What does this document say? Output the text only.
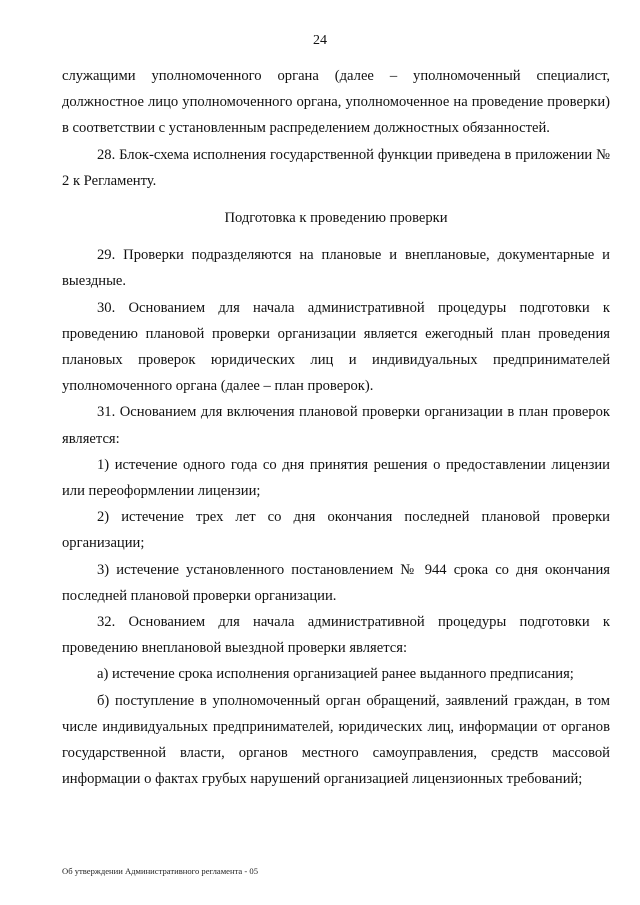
24

служащими уполномоченного органа (далее – уполномоченный специалист, должностное лицо уполномоченного органа, уполномоченное на проведение проверки) в соответствии с установленным распределением должностных обязанностей.

28. Блок-схема исполнения государственной функции приведена в приложении № 2 к Регламенту.

Подготовка к проведению проверки

29. Проверки подразделяются на плановые и внеплановые, документарные и выездные.

30. Основанием для начала административной процедуры подготовки к проведению плановой проверки организации является ежегодный план проведения плановых проверок юридических лиц и индивидуальных предпринимателей уполномоченного органа (далее – план проверок).

31. Основанием для включения плановой проверки организации в план проверок является:

1) истечение одного года со дня принятия решения о предоставлении лицензии или переоформлении лицензии;

2) истечение трех лет со дня окончания последней плановой проверки организации;

3) истечение установленного постановлением № 944 срока со дня окончания последней плановой проверки организации.

32. Основанием для начала административной процедуры подготовки к проведению внеплановой выездной проверки является:

а) истечение срока исполнения организацией ранее выданного предписания;

б) поступление в уполномоченный орган обращений, заявлений граждан, в том числе индивидуальных предпринимателей, юридических лиц, информации от органов государственной власти, органов местного самоуправления, средств массовой информации о фактах грубых нарушений организацией лицензионных требований;

Об утверждении Административного регламента - 05
